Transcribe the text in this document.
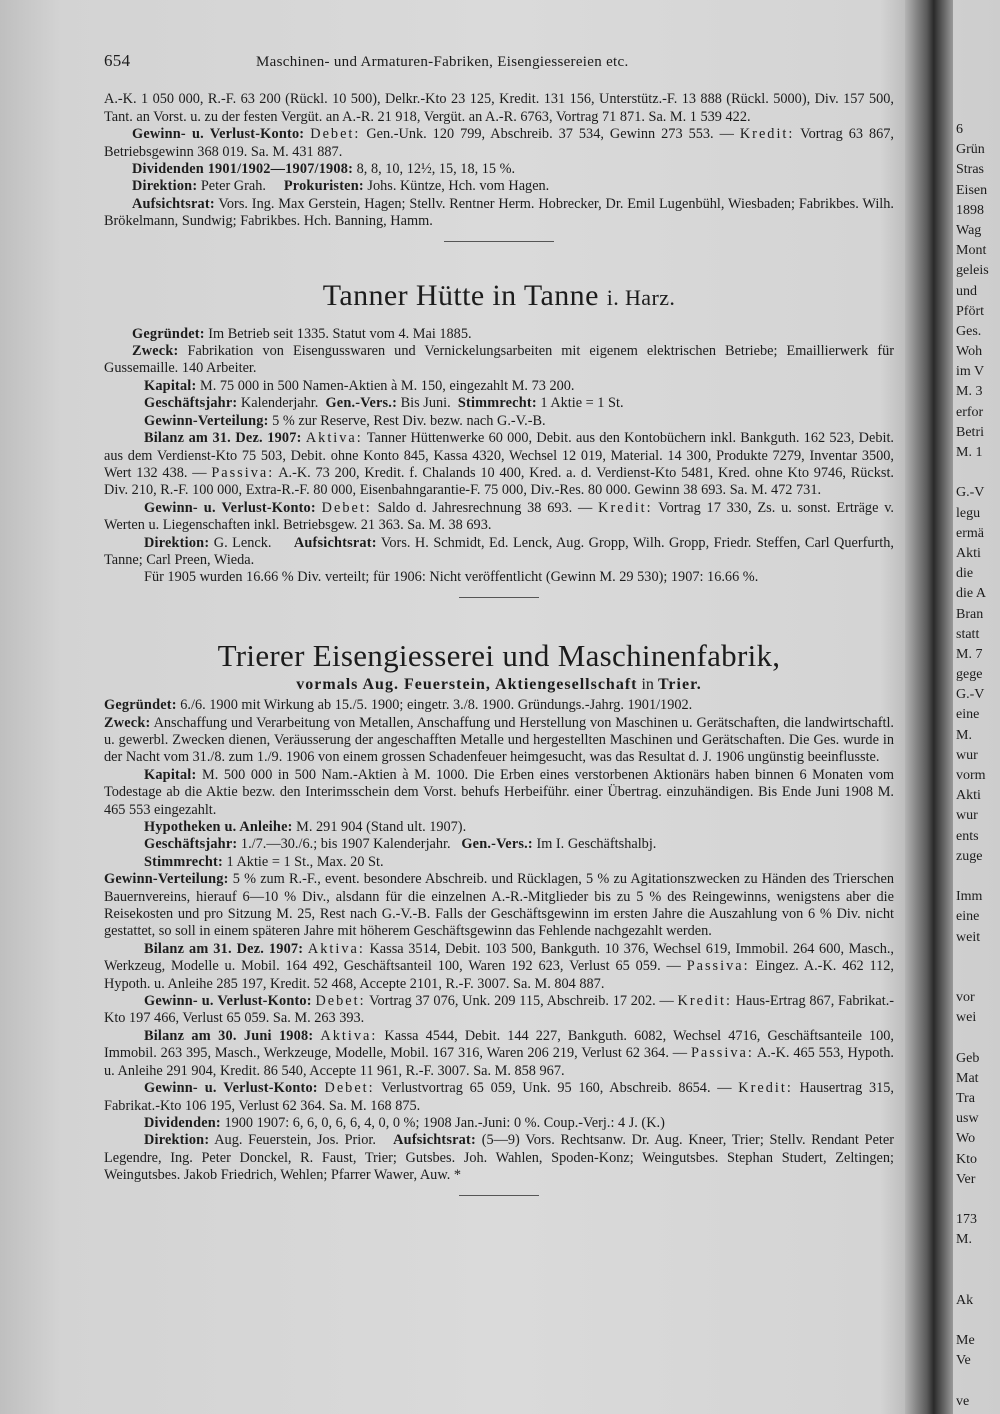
654	Maschinen- und Armaturen-Fabriken, Eisengiessereien etc.

A.-K. 1 050 000, R.-F. 63 200 (Rückl. 10 500), Delkr.-Kto 23 125, Kredit. 131 156, Unterstütz.-F. 13 888 (Rückl. 5000), Div. 157 500, Tant. an Vorst. u. zu der festen Vergüt. an A.-R. 21 918, Vergüt. an A.-R. 6763, Vortrag 71 871. Sa. M. 1 539 422.

Gewinn- u. Verlust-Konto: Debet: Gen.-Unk. 120 799, Abschreib. 37 534, Gewinn 273 553. — Kredit: Vortrag 63 867, Betriebsgewinn 368 019. Sa. M. 431 887.

Dividenden 1901/1902—1907/1908: 8, 8, 10, 12½, 15, 18, 15 %.

Direktion: Peter Grah. Prokuristen: Johs. Küntze, Hch. vom Hagen.

Aufsichtsrat: Vors. Ing. Max Gerstein, Hagen; Stellv. Rentner Herm. Hobrecker, Dr. Emil Lugenbühl, Wiesbaden; Fabrikbes. Wilh. Brökelmann, Sundwig; Fabrikbes. Hch. Banning, Hamm.

Tanner Hütte in Tanne i. Harz.

Gegründet: Im Betrieb seit 1335. Statut vom 4. Mai 1885.

Zweck: Fabrikation von Eisengusswaren und Vernickelungsarbeiten mit eigenem elektrischen Betriebe; Emaillierwerk für Gussemaille. 140 Arbeiter.

Kapital: M. 75 000 in 500 Namen-Aktien à M. 150, eingezahlt M. 73 200.

Geschäftsjahr: Kalenderjahr. Gen.-Vers.: Bis Juni. Stimmrecht: 1 Aktie = 1 St.

Gewinn-Verteilung: 5 % zur Reserve, Rest Div. bezw. nach G.-V.-B.

Bilanz am 31. Dez. 1907: Aktiva: Tanner Hüttenwerke 60 000, Debit. aus den Kontobüchern inkl. Bankguth. 162 523, Debit. aus dem Verdienst-Kto 75 503, Debit. ohne Konto 845, Kassa 4320, Wechsel 12 019, Material. 14 300, Produkte 7279, Inventar 3500, Wert 132 438. — Passiva: A.-K. 73 200, Kredit. f. Chalands 10 400, Kred. a. d. Verdienst-Kto 5481, Kred. ohne Kto 9746, Rückst. Div. 210, R.-F. 100 000, Extra-R.-F. 80 000, Eisenbahngarantie-F. 75 000, Div.-Res. 80 000. Gewinn 38 693. Sa. M. 472 731.

Gewinn- u. Verlust-Konto: Debet: Saldo d. Jahresrechnung 38 693. — Kredit: Vortrag 17 330, Zs. u. sonst. Erträge v. Werten u. Liegenschaften inkl. Betriebsgew. 21 363. Sa. M. 38 693.

Direktion: G. Lenck. Aufsichtsrat: Vors. H. Schmidt, Ed. Lenck, Aug. Gropp, Wilh. Gropp, Friedr. Steffen, Carl Querfurth, Tanne; Carl Preen, Wieda.

Für 1905 wurden 16.66 % Div. verteilt; für 1906: Nicht veröffentlicht (Gewinn M. 29 530); 1907: 16.66 %.

Trierer Eisengiesserei und Maschinenfabrik,
vormals Aug. Feuerstein, Aktiengesellschaft in Trier.

Gegründet: 6./6. 1900 mit Wirkung ab 15./5. 1900; eingetr. 3./8. 1900. Gründungs.-Jahrg. 1901/1902.

Zweck: Anschaffung und Verarbeitung von Metallen, Anschaffung und Herstellung von Maschinen u. Gerätschaften, die landwirtschaftl. u. gewerbl. Zwecken dienen, Veräusserung der angeschafften Metalle und hergestellten Maschinen und Gerätschaften. Die Ges. wurde in der Nacht vom 31./8. zum 1./9. 1906 von einem grossen Schadenfeuer heimgesucht, was das Resultat d. J. 1906 ungünstig beeinflusste.

Kapital: M. 500 000 in 500 Nam.-Aktien à M. 1000. Die Erben eines verstorbenen Aktionärs haben binnen 6 Monaten vom Todestage ab die Aktie bezw. den Interimsschein dem Vorst. behufs Herbeiführ. einer Übertrag. einzuhändigen. Bis Ende Juni 1908 M. 465 553 eingezahlt.

Hypotheken u. Anleihe: M. 291 904 (Stand ult. 1907).

Geschäftsjahr: 1./7.—30./6.; bis 1907 Kalenderjahr. Gen.-Vers.: Im I. Geschäftshalbj.

Stimmrecht: 1 Aktie = 1 St., Max. 20 St.

Gewinn-Verteilung: 5 % zum R.-F., event. besondere Abschreib. und Rücklagen, 5 % zu Agitationszwecken zu Händen des Trierschen Bauernvereins, hierauf 6—10 % Div., alsdann für die einzelnen A.-R.-Mitglieder bis zu 5 % des Reingewinns, wenigstens aber die Reisekosten und pro Sitzung M. 25, Rest nach G.-V.-B. Falls der Geschäftsgewinn im ersten Jahre die Auszahlung von 6 % Div. nicht gestattet, so soll in einem späteren Jahre mit höherem Geschäftsgewinn das Fehlende nachgezahlt werden.

Bilanz am 31. Dez. 1907: Aktiva: Kassa 3514, Debit. 103 500, Bankguth. 10 376, Wechsel 619, Immobil. 264 600, Masch., Werkzeug, Modelle u. Mobil. 164 492, Geschäftsanteil 100, Waren 192 623, Verlust 65 059. — Passiva: Eingez. A.-K. 462 112, Hypoth. u. Anleihe 285 197, Kredit. 52 468, Accepte 2101, R.-F. 3007. Sa. M. 804 887.

Gewinn- u. Verlust-Konto: Debet: Vortrag 37 076, Unk. 209 115, Abschreib. 17 202. — Kredit: Haus-Ertrag 867, Fabrikat.-Kto 197 466, Verlust 65 059. Sa. M. 263 393.

Bilanz am 30. Juni 1908: Aktiva: Kassa 4544, Debit. 144 227, Bankguth. 6082, Wechsel 4716, Geschäftsanteile 100, Immobil. 263 395, Masch., Werkzeuge, Modelle, Mobil. 167 316, Waren 206 219, Verlust 62 364. — Passiva: A.-K. 465 553, Hypoth. u. Anleihe 291 904, Kredit. 86 540, Accepte 11 961, R.-F. 3007. Sa. M. 858 967.

Gewinn- u. Verlust-Konto: Debet: Verlustvortrag 65 059, Unk. 95 160, Abschreib. 8654. — Kredit: Hausertrag 315, Fabrikat.-Kto 106 195, Verlust 62 364. Sa. M. 168 875.

Dividenden: 1900 1907: 6, 6, 0, 6, 6, 4, 0, 0 %; 1908 Jan.-Juni: 0 %. Coup.-Verj.: 4 J. (K.)

Direktion: Aug. Feuerstein, Jos. Prior. Aufsichtsrat: (5—9) Vors. Rechtsanw. Dr. Aug. Kneer, Trier; Stellv. Rendant Peter Legendre, Ing. Peter Donckel, R. Faust, Trier; Gutsbes. Joh. Wahlen, Spoden-Konz; Weingutsbes. Stephan Studert, Zeltingen; Weingutsbes. Jakob Friedrich, Wehlen; Pfarrer Wawer, Auw. *

6
Grün
Stras
Eisen
1898
Wag
Mont
geleis
und
Pfört
Ges.
Woh
im V
M. 3
erfor
Betri
M. 1
G.-V
legu
ermä
Akti
die
die A
Bran
statt
M. 7
gege
G.-V
eine
M.
wur
vorm
Akti
wur
ents
zuge
Imm
eine
weit
vor
wei
Geb
Mat
Tra
usw
Wo
Kto
Ver
173
M.
Ak
Me
Ve
ve
